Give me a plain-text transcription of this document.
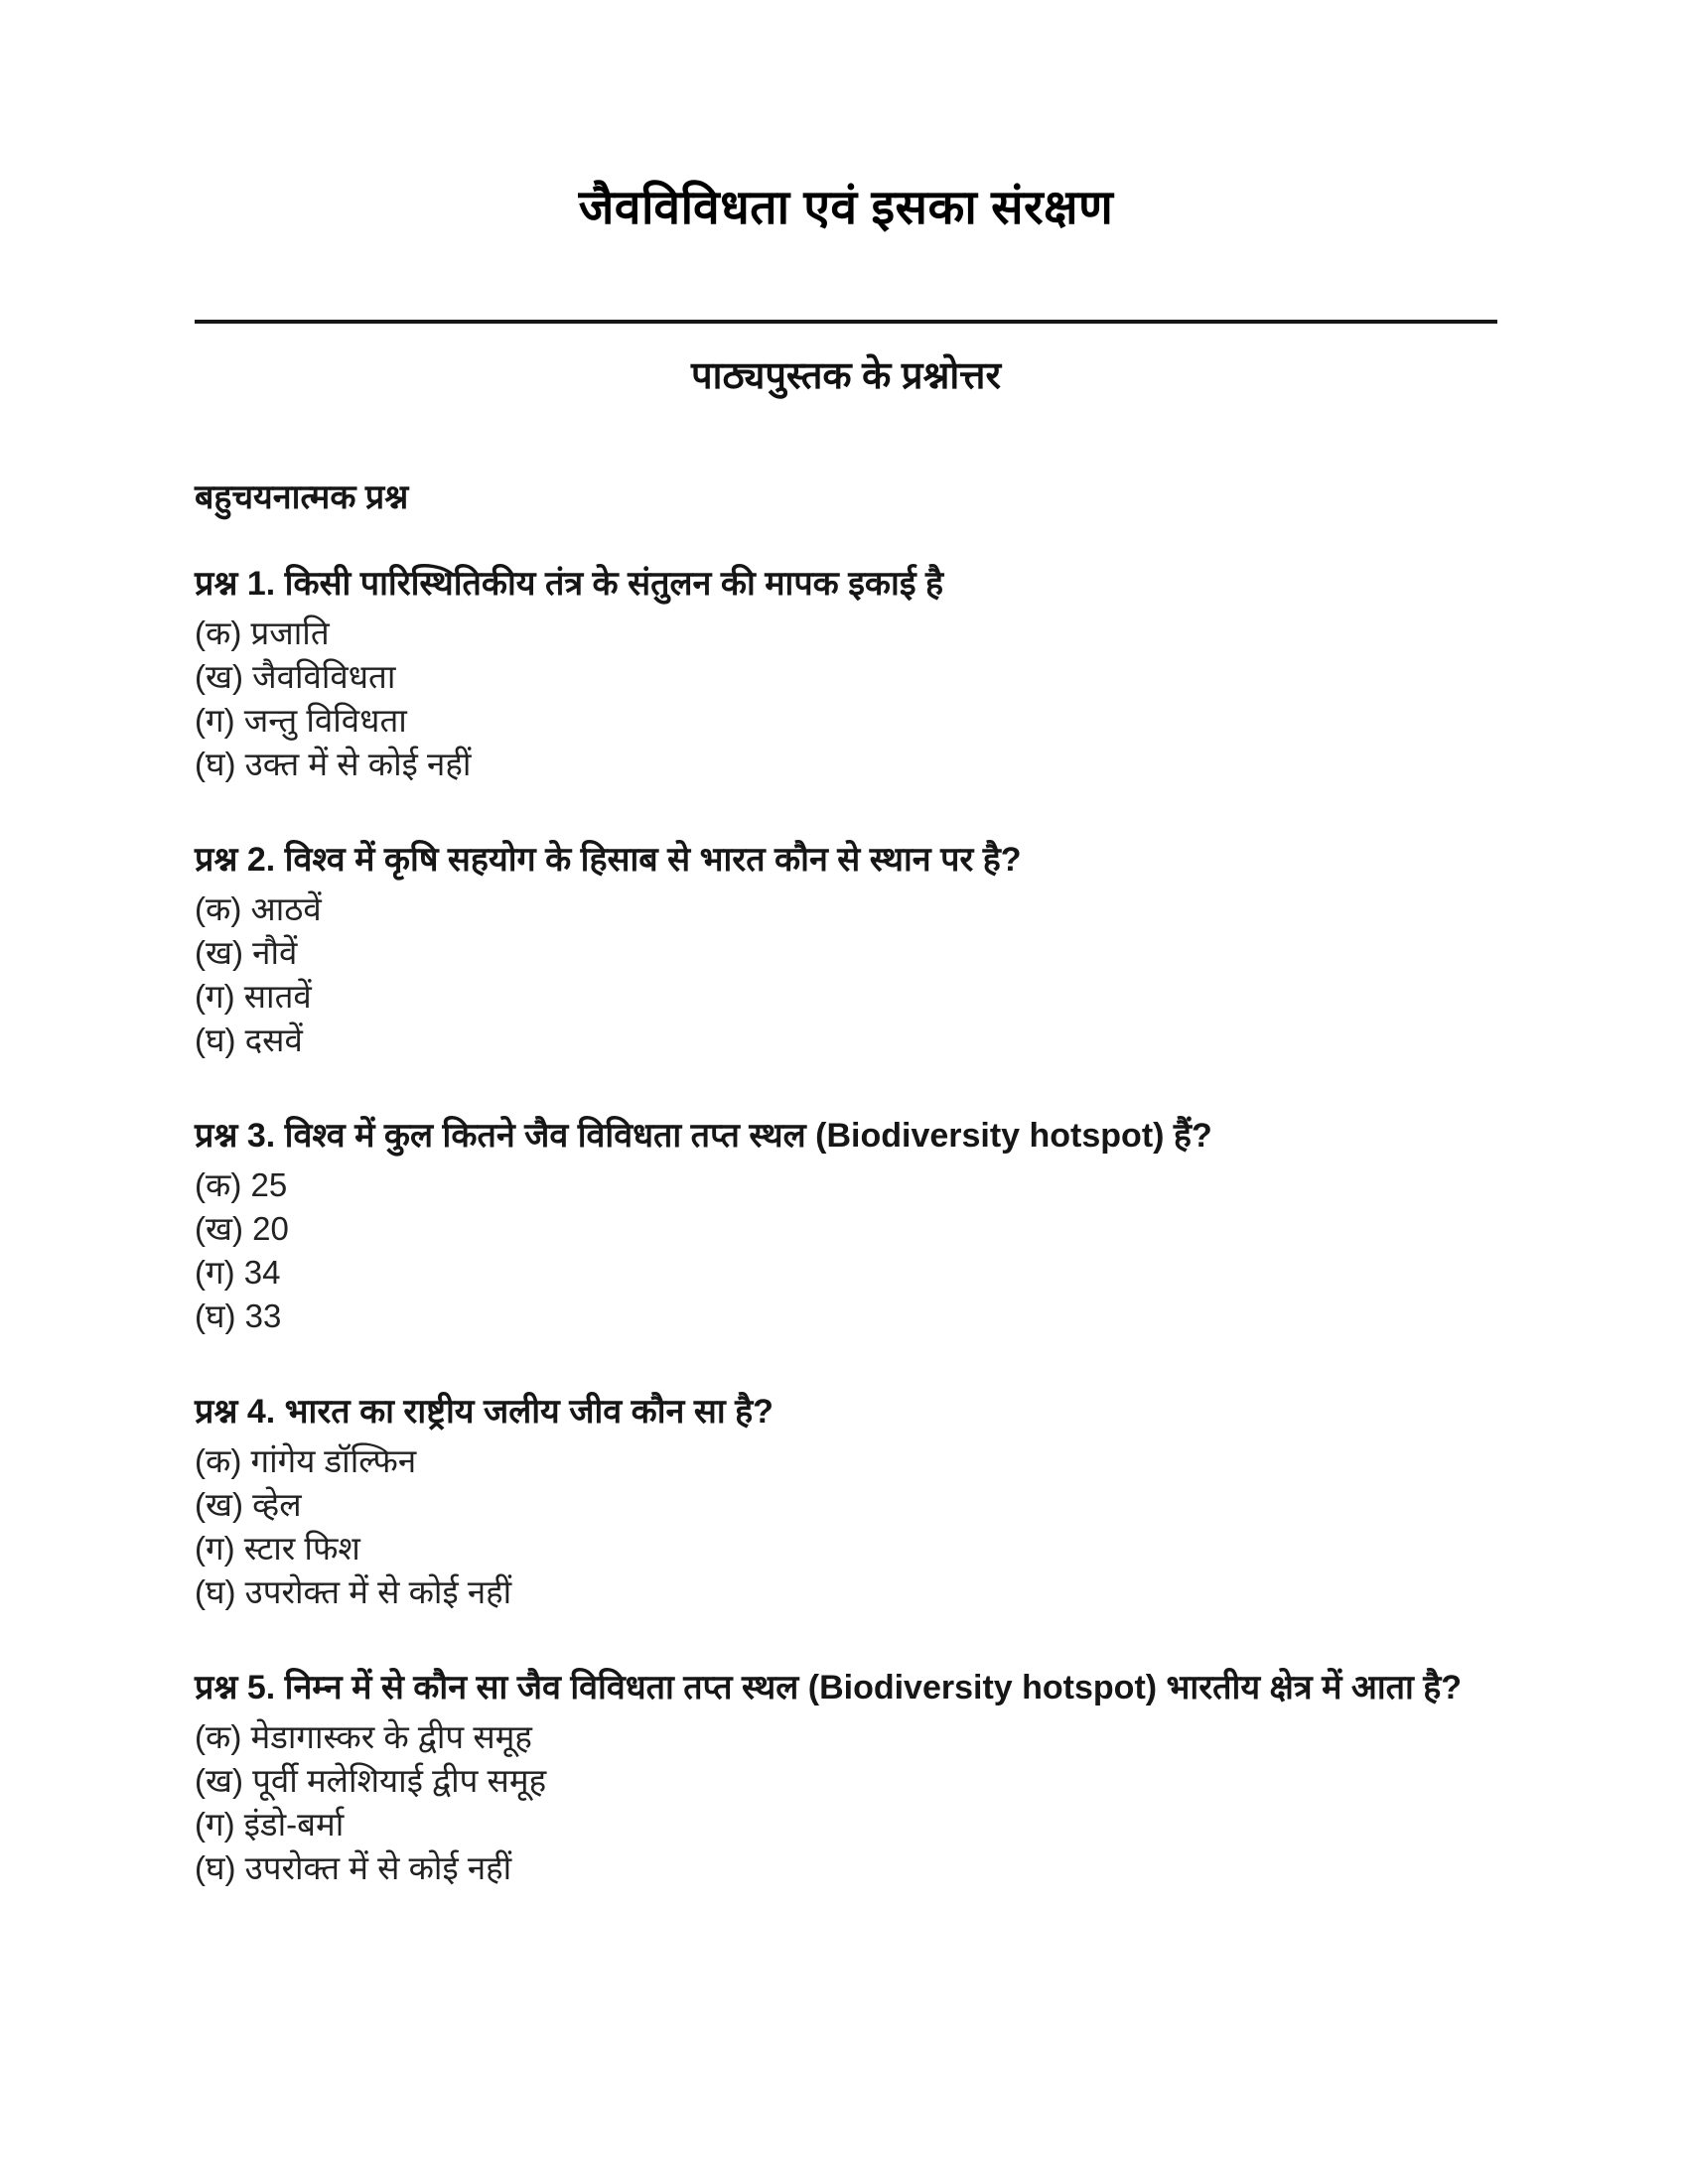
जैवविविधता एवं इसका संरक्षण
पाठ्यपुस्तक के प्रश्नोत्तर
बहुचयनात्मक प्रश्न

प्रश्न 1. किसी पारिस्थितिकीय तंत्र के संतुलन की मापक इकाई है

(क) प्रजाति

(ख) जैवविविधता

(ग) जन्तु विविधता

(घ) उक्त में से कोई नहीं

प्रश्न 2. विश्व में कृषि सहयोग के हिसाब से भारत कौन से स्थान पर है?

(क) आठवें

(ख) नौवें

(ग) सातवें

(घ) दसवें

प्रश्न 3. विश्व में कुल कितने जैव विविधता तप्त स्थल (Biodiversity hotspot) हैं?

(क) 25

(ख) 20

(ग) 34

(घ) 33

प्रश्न 4. भारत का राष्ट्रीय जलीय जीव कौन सा है?

(क) गांगेय डॉल्फिन

(ख) व्हेल

(ग) स्टार फिश

(घ) उपरोक्त में से कोई नहीं

प्रश्न 5. निम्न में से कौन सा जैव विविधता तप्त स्थल (Biodiversity hotspot) भारतीय क्षेत्र में आता है?

(क) मेडागास्कर के द्वीप समूह

(ख) पूर्वी मलेशियाई द्वीप समूह

(ग) इंडो-बर्मा

(घ) उपरोक्त में से कोई नहीं
